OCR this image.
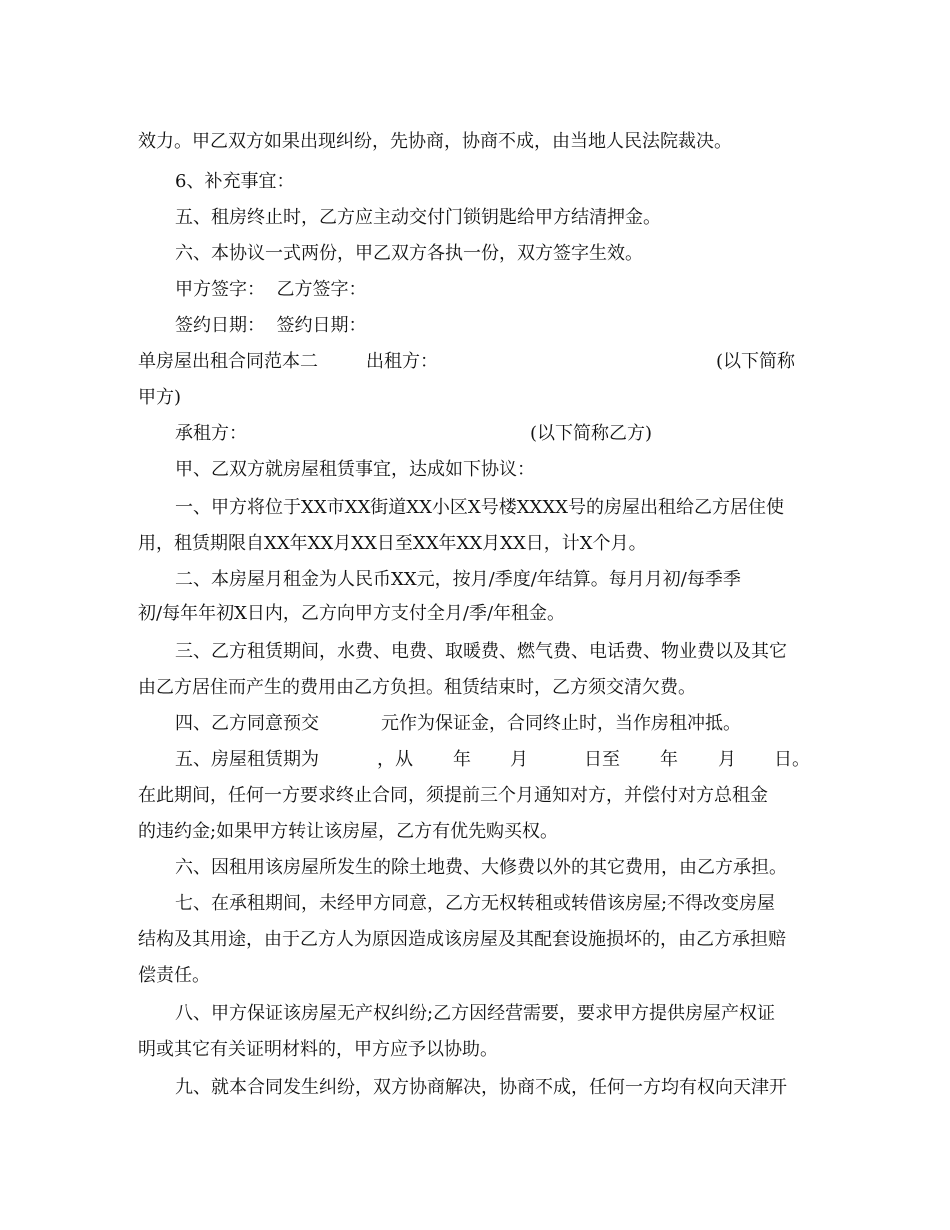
效力。甲乙双方如果出现纠纷，先协商，协商不成，由当地人民法院裁决。
6、补充事宜：
五、租房终止时，乙方应主动交付门锁钥匙给甲方结清押金。
六、本协议一式两份，甲乙双方各执一份，双方签字生效。
甲方签字：  乙方签字：
签约日期：  签约日期：
单房屋出租合同范本二	出租方：	(以下简称
甲方)
承租方：	(以下简称乙方)
甲、乙双方就房屋租赁事宜，达成如下协议：
一、甲方将位于XX市XX街道XX小区X号楼XXXX号的房屋出租给乙方居住使
用，租赁期限自XX年XX月XX日至XX年XX月XX日，计X个月。
二、本房屋月租金为人民币XX元，按月/季度/年结算。每月月初/每季季
初/每年年初X日内，乙方向甲方支付全月/季/年租金。
三、乙方租赁期间，水费、电费、取暖费、燃气费、电话费、物业费以及其它
由乙方居住而产生的费用由乙方负担。租赁结束时，乙方须交清欠费。
四、乙方同意预交	元作为保证金，合同终止时，当作房租冲抵。
五、房屋租赁期为	，从 年 月	日至 年 月 日。
在此期间，任何一方要求终止合同，须提前三个月通知对方，并偿付对方总租金
的违约金;如果甲方转让该房屋，乙方有优先购买权。
六、因租用该房屋所发生的除土地费、大修费以外的其它费用，由乙方承担。
七、在承租期间，未经甲方同意，乙方无权转租或转借该房屋;不得改变房屋
结构及其用途，由于乙方人为原因造成该房屋及其配套设施损坏的，由乙方承担赔
偿责任。
八、甲方保证该房屋无产权纠纷;乙方因经营需要，要求甲方提供房屋产权证
明或其它有关证明材料的，甲方应予以协助。
九、就本合同发生纠纷，双方协商解决，协商不成，任何一方均有权向天津开
